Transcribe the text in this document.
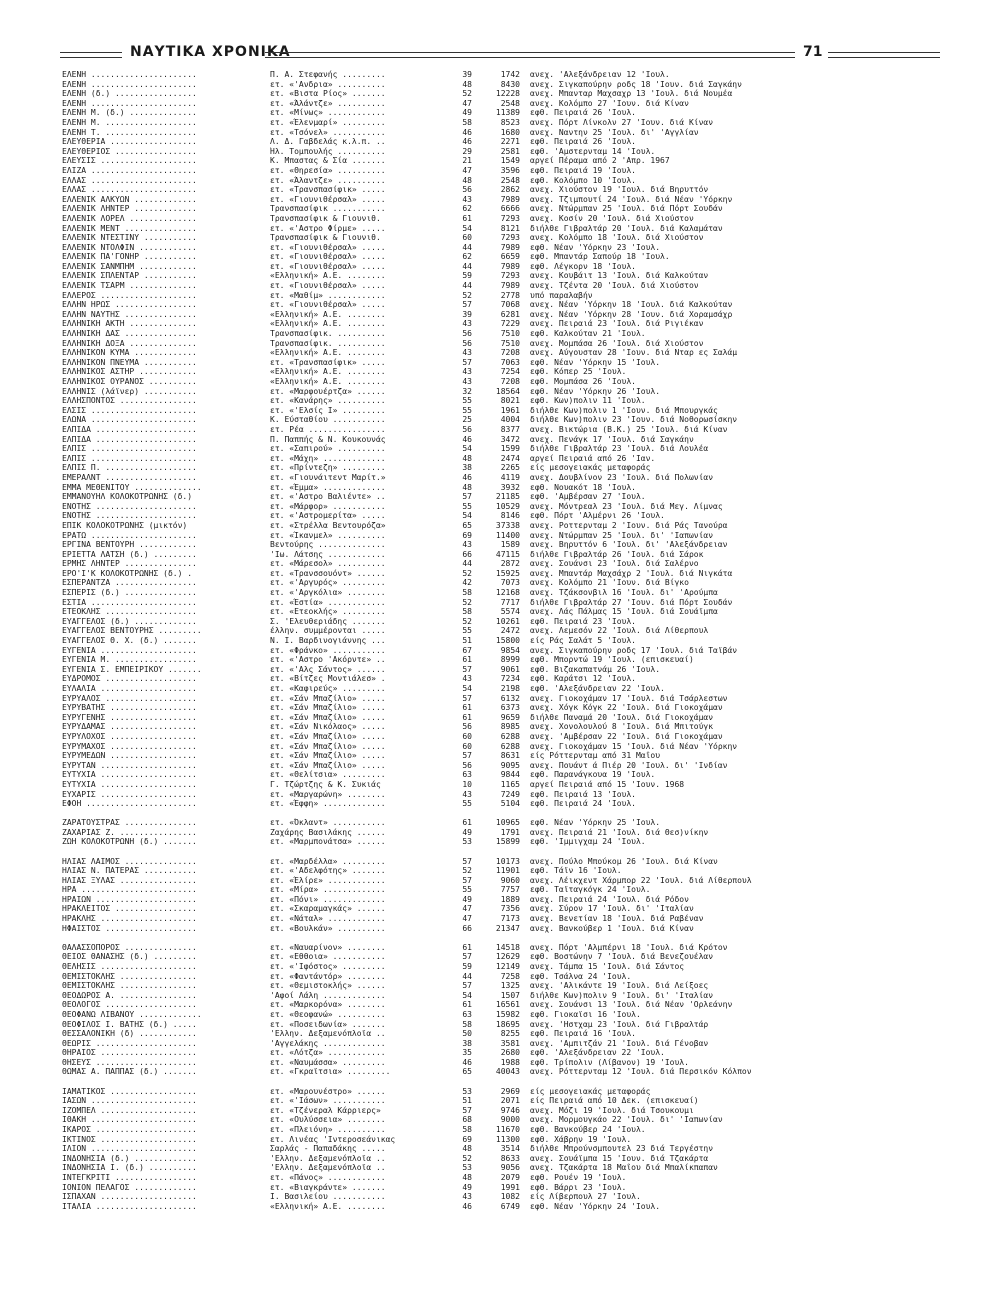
ΝΑΥΤΙΚΑ ΧΡΟΝΙΚΑ	71
ΕΛΕΝΗ ......................	Π. Α. Στεφανής .........	39	1742 ανεχ. 'Αλεξάνδρειαν 12 'Ιουλ.
ΕΛΕΝΗ ......................	ετ. «'Ανδρια» ..........	48	8430 ανεχ. Σιγκαπούρην ροδς 18 'Ιουν. διά Σαγκάην
ΕΛΕΝΗ (δ.) .................	ετ. «Βιστα Ρίος» .......	52	12228 ανεχ. Μπανταρ Μαχσαχρ 13 'Ιουλ. διά Νουμέα
ΕΛΕΝΗ ......................	ετ. «Άλάντζε» ..........	47	2548 ανεχ. Κολόμπο 27 'Ιουν. διά Κίναν
ΕΛΕΝΗ Μ. (δ.) ..............	ετ. «Μίνως» ............	49	11389 εφθ. Πειραιά 26 'Ιουλ.
ΕΛΕΝΗ Μ. ...................	ετ. «Έλενμαρί» .........	58	8523 ανεχ. Πόρτ Λίνκολν 27 'Ιουν. διά Κίναν
ΕΛΕΝΗ Τ. ...................	ετ. «Τσόνελ» ...........	46	1680 ανεχ. Ναντην 25 'Ιουλ. δι' 'Αγγλίαν
ΕΛΕΥΘΕΡΙΑ ..................	Λ. Δ. Γαβδελάς κ.λ.π. ..	46	2271 εφθ. Πειραιά 26 'Ιουλ.
ΕΛΕΥΘΕΡΙΟΣ .................	Ήλ. Τομπουλής ..........	29	2581 εφθ. 'Αμστερνταμ 14 'Ιουλ.
ΕΛΕΥΣΙΣ ....................	Κ. Μπαστας & Σία .......	21	1549 αργεί Πέραμα από 2 'Απρ. 1967
ΕΛΙΖΑ ......................	ετ. «Θηρεσία» ..........	47	3596 εφθ. Πειραιά 19 'Ιουλ.
ΕΛΛΑΣ ......................	ετ. «Άλαντζε» ..........	48	2548 εφθ. Κολόμπο 10 'Ιουλ.
ΕΛΛΑΣ ......................	ετ. «Τρανσπασίφικ» .....	56	2862 ανεχ. Χιούστον 19 'Ιουλ. διά Βηρυττόν
ΕΛΛΕΝΙΚ ΑΛΚΥΩΝ .............	ετ. «Γιουνιθέρσαλ» .....	43	7989 ανεχ. Τζιμπουτί 24 'Ιουλ. διά Νέαν 'Υόρκην
ΕΛΛΕΝΙΚ ΛΗΝΤΕΡ .............	Τρανσπασίφικ ...........	62	6666 ανεχ. Ντώρμπαν 25 'Ιουλ. διά Πόρτ Σουδάν
ΕΛΛΕΝΙΚ ΛΟΡΕΛ ..............	Τρανσπασίφικ & Γιουνιθ.	61	7293 ανεχ. Κοσίν 20 'Ιουλ. διά Χιούστον
ΕΛΛΕΝΙΚ ΜΕΝΤ ...............	ετ. «'Αστρο Φίρμε» .....	54	8121 διήλθε Γιβραλτάρ 20 'Ιουλ. διά Καλαμάταν
ΕΛΛΕΝΙΚ ΝΤΕΣΤΙΝΥ ...........	Τρανσπασίφικ & Γιουνιθ.	60	7293 ανεχ. Κολόμπο 18 'Ιουλ. διά Χιούστον
ΕΛΛΕΝΙΚ ΝΤΟΛΦΙΝ ............	ετ. «Γιουνιθέρσαλ» .....	44	7989 εφθ. Νέαν 'Υόρκην 23 'Ιουλ.
ΕΛΛΕΝΙΚ ΠΑ'ΓΟΝΗΡ ...........	ετ. «Γιουνιθέρσαλ» .....	62	6659 εφθ. Μπαντάρ Σαπούρ 18 'Ιουλ.
ΕΛΛΕΝΙΚ ΣΑΝΜΠΗΜ ............	ετ. «Γιουνιθέρσαλ» .....	44	7989 εφθ. Λέγκορν 18 'Ιουλ.
ΕΛΛΕΝΙΚ ΣΠΛΕΝΤΑΡ ...........	«Ελληνική» Α.Ε. ........	59	7293 ανεχ. Κουβάιτ 13 'Ιουλ. διά Καλκούταν
ΕΛΛΕΝΙΚ ΤΣΑΡΜ ..............	ετ. «Γιουνιθέρσαλ» .....	44	7989 ανεχ. Τζέντα 20 'Ιουλ. διά Χιούστον
ΕΛΛΕΡΟΣ ....................	ετ. «Μαθίμ» ............	52	2778 υπό παραλαβήν
ΕΛΛΗΝ ΗΡΩΣ .................	ετ. «Γιουνιθέρσαλ» .....	57	7068 ανεχ. Νέαν 'Υόρκην 18 'Ιουλ. διά Καλκούταν
ΕΛΛΗΝ ΝΑΥΤΗΣ ...............	«Ελληνική» Α.Ε. ........	39	6281 ανεχ. Νέαν 'Υόρκην 28 'Ιουν. διά Χοραμσάχρ
ΕΛΛΗΝΙΚΗ ΑΚΤΗ ..............	«Ελληνική» Α.Ε. ........	43	7229 ανεχ. Πειραιά 23 'Ιουλ. διά Ριγιέκαν
ΕΛΛΗΝΙΚΗ ΔΑΣ ...............	Τρανσπασίφικ. ..........	56	7510 εφθ. Καλκούταν 21 'Ιουλ.
ΕΛΛΗΝΙΚΗ ΔΟΞΑ ..............	Τρανσπασίφικ. ..........	56	7510 ανεχ. Μομπάσα 26 'Ιουλ. διά Χιούστον
ΕΛΛΗΝΙΚΟΝ ΚΥΜΑ .............	«Ελληνική» Α.Ε. ........	43	7208 ανεχ. Αύγουσταν 28 'Ιουν. διά Νταρ ες Σαλάμ
ΕΛΛΗΝΙΚΟΝ ΠΝΕΥΜΑ ...........	ετ. «Τρανσπασίφικ» .....	57	7063 εφθ. Νέαν 'Υόρκην 15 'Ιουλ.
ΕΛΛΗΝΙΚΟΣ ΑΣΤΗΡ ............	«Ελληνική» Α.Ε. ........	43	7254 εφθ. Κόπερ 25 'Ιουλ.
ΕΛΛΗΝΙΚΟΣ ΟΥΡΑΝΟΣ ..........	«Ελληνική» Α.Ε. ........	43	7208 εφθ. Μομπάσα 26 'Ιουλ.
ΕΛΛΗΝΙΣ (λάϊνερ) ...........	ετ. «Μαρφουέρτζα» ......	32	18564 εφθ. Νέαν 'Υόρκην 26 'Ιουλ.
ΕΛΛΗΣΠΟΝΤΟΣ ................	ετ. «Κανάρης» ..........	55	8021 εφθ. Κων)πολιν 11 'Ιουλ.
ΕΛΣΙΣ ......................	ετ. «'Ελσίς Ι» .........	55	1961 διήλθε Κων)πολιν 1 'Ιουν. διά Μπουργκάς
ΕΛΩΝΑ ......................	Κ. Εύσταθίου ...........	25	4004 διήλθε Κων)πολιν 23 'Ιουν. διά Νοθορωσίσκην
ΕΛΠΙΔΑ .....................	ετ. Ρέα ................	56	8377 ανεχ. Βικτώρια (Β.Κ.) 25 'Ιουλ. διά Κίναν
ΕΛΠΙΔΑ .....................	Π. Παππής & Ν. Κουκουνάς	46	3472 ανεχ. Πενάγκ 17 'Ιουλ. διά Σαγκάην
ΕΛΠΙΣ ......................	ετ. «Σαπιρού» ..........	54	1599 διήλθε Γιβραλτάρ 23 'Ιουλ. διά Λουλέα
ΕΛΠΙΣ ......................	ετ. «Μάχη» .............	48	2474 αργεί Πειραιά από 26 'Ιαν.
ΕΛΠΙΣ Π. ...................	ετ. «Πρίντεζη» .........	38	2265 είς μεσογειακάς μεταφοράς
ΕΜΕΡΑΛΝΤ ...................	ετ. «Γιουνάιτεντ Μαρίτ.»	46	4119 ανεχ. Δουβλίνον 23 'Ιουλ. διά Πολωνίαν
ΕΜΜΑ ΜΕΘΕΝΙΤΟΥ ..............	ετ. «Έμμα» .............	48	3932 εφθ. Νουακότ 18 'Ιουλ.
ΕΜΜΑΝΟΥΗΛ ΚΟΛΟΚΟΤΡΩΝΗΣ (δ.)	ετ. «'Αστρο Βαλιέντε» ..	57	21185 εφθ. 'Αμβέρσαν 27 'Ιουλ.
ΕΝΟΤΗΣ .....................	ετ. «Μάρφορ» ...........	55	10529 ανεχ. Μόντρεαλ 23 'Ιουλ. διά Μεγ. Λίμνας
ΕΝΟΤΗΣ .....................	ετ. «'Αστρομερίτα» .....	54	8146 εφθ. Πόρτ 'Αλμέρνι 26 'Ιουλ.
ΕΠΙΚ ΚΟΛΟΚΟΤΡΩΝΗΣ (μικτόν)	ετ. «Στρέλλα Βεντουρόζα»	65	37338 ανεχ. Ροττερνταμ 2 'Ιουν. διά Ράς Τανούρα
ΕΡΑΤΩ ......................	ετ. «Ίκανμελ» ..........	69	11400 ανεχ. Ντώρμπαν 25 'Ιουλ. δι' 'Ιαπωνίαν
ΕΡΓΙΝΑ ΒΕΝΤΟΥΡΗ ............	Βεντούρης ..............	43	1589 ανεχ. Βηρυττόν 6 'Ιουλ. δι' 'Αλεξάνδρειαν
ΕΡΙΕΤΤΑ ΛΑΤΣΗ (δ.) .........	'Ιω. Λάτσης ............	66	47115 διήλθε Γιβραλτάρ 26 'Ιουλ. διά Σάροκ
ΕΡΜΗΣ ΛΗΝΤΕΡ ...............	ετ. «Μάρεσολ» ..........	44	2872 ανεχ. Σουάνσι 23 'Ιουλ. διά Σαλέρνο
ΕΡΟ'Ι'Κ ΚΟΛΟΚΟΤΡΩΝΗΣ (δ.) .	ετ. «Τρανσσουόντ» ......	52	15925 ανεχ. Μπαντάρ Μαχσάχρ 2 'Ιουλ. διά Νιγκάτα
ΕΣΠΕΡΑΝΤΖΑ .................	ετ. «'Αργυρός» .........	42	7073 ανεχ. Κολόμπο 21 'Ιουν. διά Βίγκο
ΕΣΠΕΡΙΣ (δ.) ...............	ετ. «'Αργκόλια» ........	58	12168 ανεχ. Τζάκσονβιλ 16 'Ιουλ. δι' 'Αρούμπα
ΕΣΤΙΑ ......................	ετ. «Έστία» ............	52	7717 διήλθε Γιβραλτάρ 27 'Ιουν. διά Πόρτ Σουδάν
ΕΤΕΟΚΛΗΣ ...................	ετ. «Ετεοκλής» .........	58	5574 ανεχ. Λάς Πάλμας 15 'Ιουλ. διά Σουάϊμπα
ΕΥΑΓΓΕΛΟΣ (δ.) .............	Σ. 'Ελευθεριάδης .......	52	10261 εφθ. Πειραιά 23 'Ιουλ.
ΕΥΑΓΓΕΛΟΣ ΒΕΝΤΟΥΡΗΣ .........	έλλην. συμμέρονται .....	55	2472 ανεχ. Λεμεσόν 22 'Ιουλ. διά Λίθερπουλ
ΕΥΑΓΓΕΛΟΣ Θ. Χ. (δ.) .......	Ν. Ι. Βαρδινογιάννης ...	51	15800 είς Ράς Σαλάτ 5 'Ιουλ.
ΕΥΓΕΝΙΑ ....................	ετ. «Φράνκο» ...........	67	9854 ανεχ. Σιγκαπούρην ροδς 17 'Ιουλ. διά Ταϊβάν
ΕΥΓΕΝΙΑ Μ. .................	ετ. «'Αστρο 'Ακόρντε» ..	61	8999 εφθ. Μπορντώ 19 'Ιουλ. (επισκευαί)
ΕΥΓΕΝΙΑ Σ. ΕΜΠΕΙΡΙΚΟΥ .......	ετ. «'Αλς Σάντος» ......	57	9061 εφθ. Βιζακαπατνάμ 26 'Ιουλ.
ΕΥΔΡΟΜΟΣ ...................	ετ. «Βίτζες Μοντιάλεσ» .	43	7234 εφθ. Καράτσι 12 'Ιουλ.
ΕΥΛΑΛΙΑ ....................	ετ. «Καφιρεύς» .........	54	2198 εφθ. 'Αλεξάνδρειαν 22 'Ιουλ.
ΕΥΡΥΑΛΟΣ ...................	ετ. «Σάν Μπαζίλιο» .....	57	6132 ανεχ. Γιοκοχάμαν 17 'Ιουλ. διά Τσάρλεστων
ΕΥΡΥΒΑΤΗΣ ..................	ετ. «Σάν Μπαζίλιο» .....	61	6373 ανεχ. Χόγκ Κόγκ 22 'Ιουλ. διά Γιοκοχάμαν
ΕΥΡΥΓΕΝΗΣ ..................	ετ. «Σάν Μπαζίλιο» .....	61	9659 διήλθε Παναμά 20 'Ιουλ. διά Γιοκοχάμαν
ΕΥΡΥΔΑΜΑΣ ..................	ετ. «Σάν Νικόλαος» .....	56	8985 ανεχ. Χονολουλού 8 'Ιουλ. διά Μπιτούγκ
ΕΥΡΥΛΟΧΟΣ ..................	ετ. «Σάν Μπαζίλιο» .....	60	6288 ανεχ. 'Αμβέρσαν 22 'Ιουλ. διά Γιοκοχάμαν
ΕΥΡΥΜΑΧΟΣ ..................	ετ. «Σάν Μπαζίλιο» .....	60	6288 ανεχ. Γιοκοχάμαν 15 'Ιουλ. διά Νέαν 'Υόρκην
ΕΥΡΥΜΕΔΩΝ ..................	ετ. «Σάν Μπαζίλιο» .....	57	8631 είς Ρόττερνταμ από 31 Μαΐου
ΕΥΡΥΤΑΝ ....................	ετ. «Σάν Μπαζίλιο» .....	56	9095 ανεχ. Πουάντ ά Πιέρ 20 'Ιουλ. δι' 'Ινδίαν
ΕΥΤΥΧΙΑ ....................	ετ. «Θελίτσια» .........	63	9844 εφθ. Παρανάγκουα 19 'Ιουλ.
ΕΥΤΥΧΙΑ ....................	Γ. Τζώρτζης & Κ. Συκιάς	10	1165 αργεί Πειραιά από 15 'Ιουν. 1968
ΕΥΧΑΡΙΣ ....................	ετ. «Μαργαρώνη» ........	43	7249 εφθ. Πειραιά 13 'Ιουλ.
ΕΦΟΗ .......................	ετ. «Έφφη» .............	55	5104 εφθ. Πειραιά 24 'Ιουλ.
ΖΑΡΑΤΟΥΣΤΡΑΣ ...............	ετ. «Όκλαντ» ...........	61	10965 εφθ. Νέαν 'Υόρκην 25 'Ιουλ.
ΖΑΧΑΡΙΑΣ Ζ. ................	Ζαχάρης Βασιλάκης ......	49	1791 ανεχ. Πειραιά 21 'Ιουλ. διά Θεσ)νίκην
ΖΩΗ ΚΟΛΟΚΟΤΡΩΝΗ (δ.) .......	ετ. «Μαρμπονάτσα» ......	53	15899 εφθ. 'Ιμμιγχαμ 24 'Ιουλ.
ΗΛΙΑΣ ΛΑΙΜΟΣ ...............	ετ. «Μαρδέλλα» .........	57	10173 ανεχ. Πούλο Μπούκομ 26 'Ιουλ. διά Κίναν
ΗΛΙΑΣ Ν. ΠΑΤΕΡΑΣ ...........	ετ. «'Αδελφότης» .......	52	11901 εφθ. Τάϊν 16 'Ιουλ.
ΗΛΙΑΣ ΞΥΛΑΣ ................	ετ. «Έλίρε» ............	57	9060 ανεχ. Λέικχεντ Χάρμπορ 22 'Ιουλ. διά Λίθερπουλ
ΗΡΑ ........................	ετ. «Μίρα» .............	55	7757 εφθ. Ταϊταγκόγκ 24 'Ιουλ.
ΗΡΑΙΩΝ .....................	ετ. «Πόνι» .............	49	1889 ανεχ. Πειραιά 24 'Ιουλ. διά Ρόδον
ΗΡΑΚΛΕΙΤΟΣ .................	ετ. «Σκαραμαγκάς» ......	47	7356 ανεχ. Σύρον 17 'Ιουλ. δι' 'Ιταλίαν
ΗΡΑΚΛΗΣ ....................	ετ. «Νάταλ» ............	47	7173 ανεχ. Βενετίαν 18 'Ιουλ. διά Ραβέναν
ΗΦΑΙΣΤΟΣ ...................	ετ. «Βουλκάν» ..........	66	21347 ανεχ. Βανκούβερ 1 'Ιουλ. διά Κίναν
ΘΑΛΑΣΣΟΠΟΡΟΣ ...............	ετ. «Ναυαρίνον» ........	61	14518 ανεχ. Πόρτ 'Αλμπέρνι 18 'Ιουλ. διά Κρότον
ΘΕΙΟΣ ΘΑΝΑΣΗΣ (δ.) .........	ετ. «Εθθοια» ...........	57	12629 εφθ. Βοστώνην 7 'Ιουλ. διά Βενεζουέλαν
ΘΕΛΗΣΙΣ ....................	ετ. «'Ιφόστος» .........	59	12149 ανεχ. Τάμπα 15 'Ιουλ. διά Σάντος
ΘΕΜΙΣΤΟΚΛΗΣ ................	ετ. «Φαντάντόρ» ........	44	7258 εφθ. Τσάλνα 24 'Ιουλ.
ΘΕΜΙΣΤΟΚΛΗΣ ................	ετ. «Θεμιστοκλής» ......	57	1325 ανεχ. 'Αλικάντε 19 'Ιουλ. διά Λείξοες
ΘΕΟΔΩΡΟΣ Α. ................	'Αφοί Λάλη .............	54	1507 διήλθε Κων)πολιν 9 'Ιουλ. δι' 'Ιταλίαν
ΘΕΟΛΟΓΟΣ ...................	ετ. «Μαρκορόνα» ........	61	16561 ανεχ. Σουάνσι 13 'Ιουλ. διά Νέαν 'Ορλεάνην
ΘΕΟΦΑΝΩ ΛΙΒΑΝΟΥ .............	ετ. «Θεοφανώ» ..........	63	15982 εφθ. Γιοκαϊσι 16 'Ιουλ.
ΘΕΟΦΙΛΟΣ Ι. ΒΑΤΗΣ (δ.) .....	ετ. «Ποσειδωνία» .......	58	18695 ανεχ. 'Ηστχαμ 23 'Ιουλ. διά Γιβραλτάρ
ΘΕΣΣΑΛΟΝΙΚΗ (δ) ............	'Ελλην. Δεξαμενόπλοϊα ..	50	8255 εφθ. Πειραιά 16 'Ιουλ.
ΘΕΩΡΙΣ .....................	'Αγγελάκης .............	38	3581 ανεχ. 'Αμπιτζάν 21 'Ιουλ. διά Γένοβαν
ΘΗΡΑΙΟΣ ....................	ετ. «Λότζα» ............	35	2680 εφθ. 'Αλεξάνδρειαν 22 'Ιουλ.
ΘΗΣΕΥΣ .....................	ετ. «Ναυμάσσα» .........	46	1988 εφθ. Τρίπολιν (Λίβανον) 19 'Ιουλ.
ΘΩΜΑΣ Α. ΠΑΠΠΑΣ (δ.) .......	ετ. «Γκραϊτσια» .........	65	40043 ανεχ. Ρόττερνταμ 12 'Ιουλ. διά Περσικόν Κόλπον
ΙΑΜΑΤΙΚΟΣ ..................	ετ. «Μαρουνέστρο» ......	53	2969 είς μεσογειακάς μεταφοράς
ΙΑΣΩΝ ......................	ετ. «'Ιάσων» ...........	51	2071 είς Πειραιά από 10 Δεκ. (επισκευαί)
ΙΖΟΜΠΕΛ ....................	ετ. «Τζένεραλ Κάρριερς»	57	9746 ανεχ. Μόζι 19 'Ιουλ. διά Τσουκουμι
ΙΘΑΚΗ ......................	ετ. «Ουλύσσεια» ........	68	9000 ανεχ. Μορμουγκάο 22 'Ιουλ. δι' 'Ιαπωνίαν
ΙΚΑΡΟΣ .....................	ετ. «Πλειόνη» ..........	58	11670 εφθ. Βανκούβερ 24 'Ιουλ.
ΙΚΤΙΝΟΣ ....................	ετ. Λινέας 'Ιντεροσεάνικας	69	11300 εφθ. Χάβρην 19 'Ιουλ.
ΙΛΙΟΝ ......................	Σαρλάς - Παπαδάκης .....	48	3514 διήλθε Μπρούνσμπουτελ 23 διά Τεργέστην
ΙΝΔΟΝΗΣΙΑ (δ.) .............	'Ελλην. Δεξαμενόπλοϊα ..	52	8633 ανεχ. Σουάϊμπα 15 'Ιουν. διά Τζακάρτα
ΙΝΔΟΝΗΣΙΑ Ι. (δ.) ..........	'Ελλην. Δεξαμενόπλοϊα ..	53	9056 ανεχ. Τζακάρτα 18 Μαΐου διά Μπαλίκπαπαν
ΙΝΤΕΓΚΡΙΤΙ .................	ετ. «Πάνος» ............	48	2079 εφθ. Ρουέν 19 'Ιουλ.
ΙΟΝΙΟΝ ΠΕΛΑΓΟΣ .............	ετ. «Βιαγκράντε» .......	49	1991 εφθ. Βάρρι 23 'Ιουλ.
ΙΣΠΑΧΑΝ ....................	Ι. Βασιλείου ...........	43	1082 είς Λίβερπουλ 27 'Ιουλ.
ΙΤΑΛΙΑ .....................	«Ελληνική» Α.Ε. ........	46	6749 εφθ. Νέαν 'Υόρκην 24 'Ιουλ.
